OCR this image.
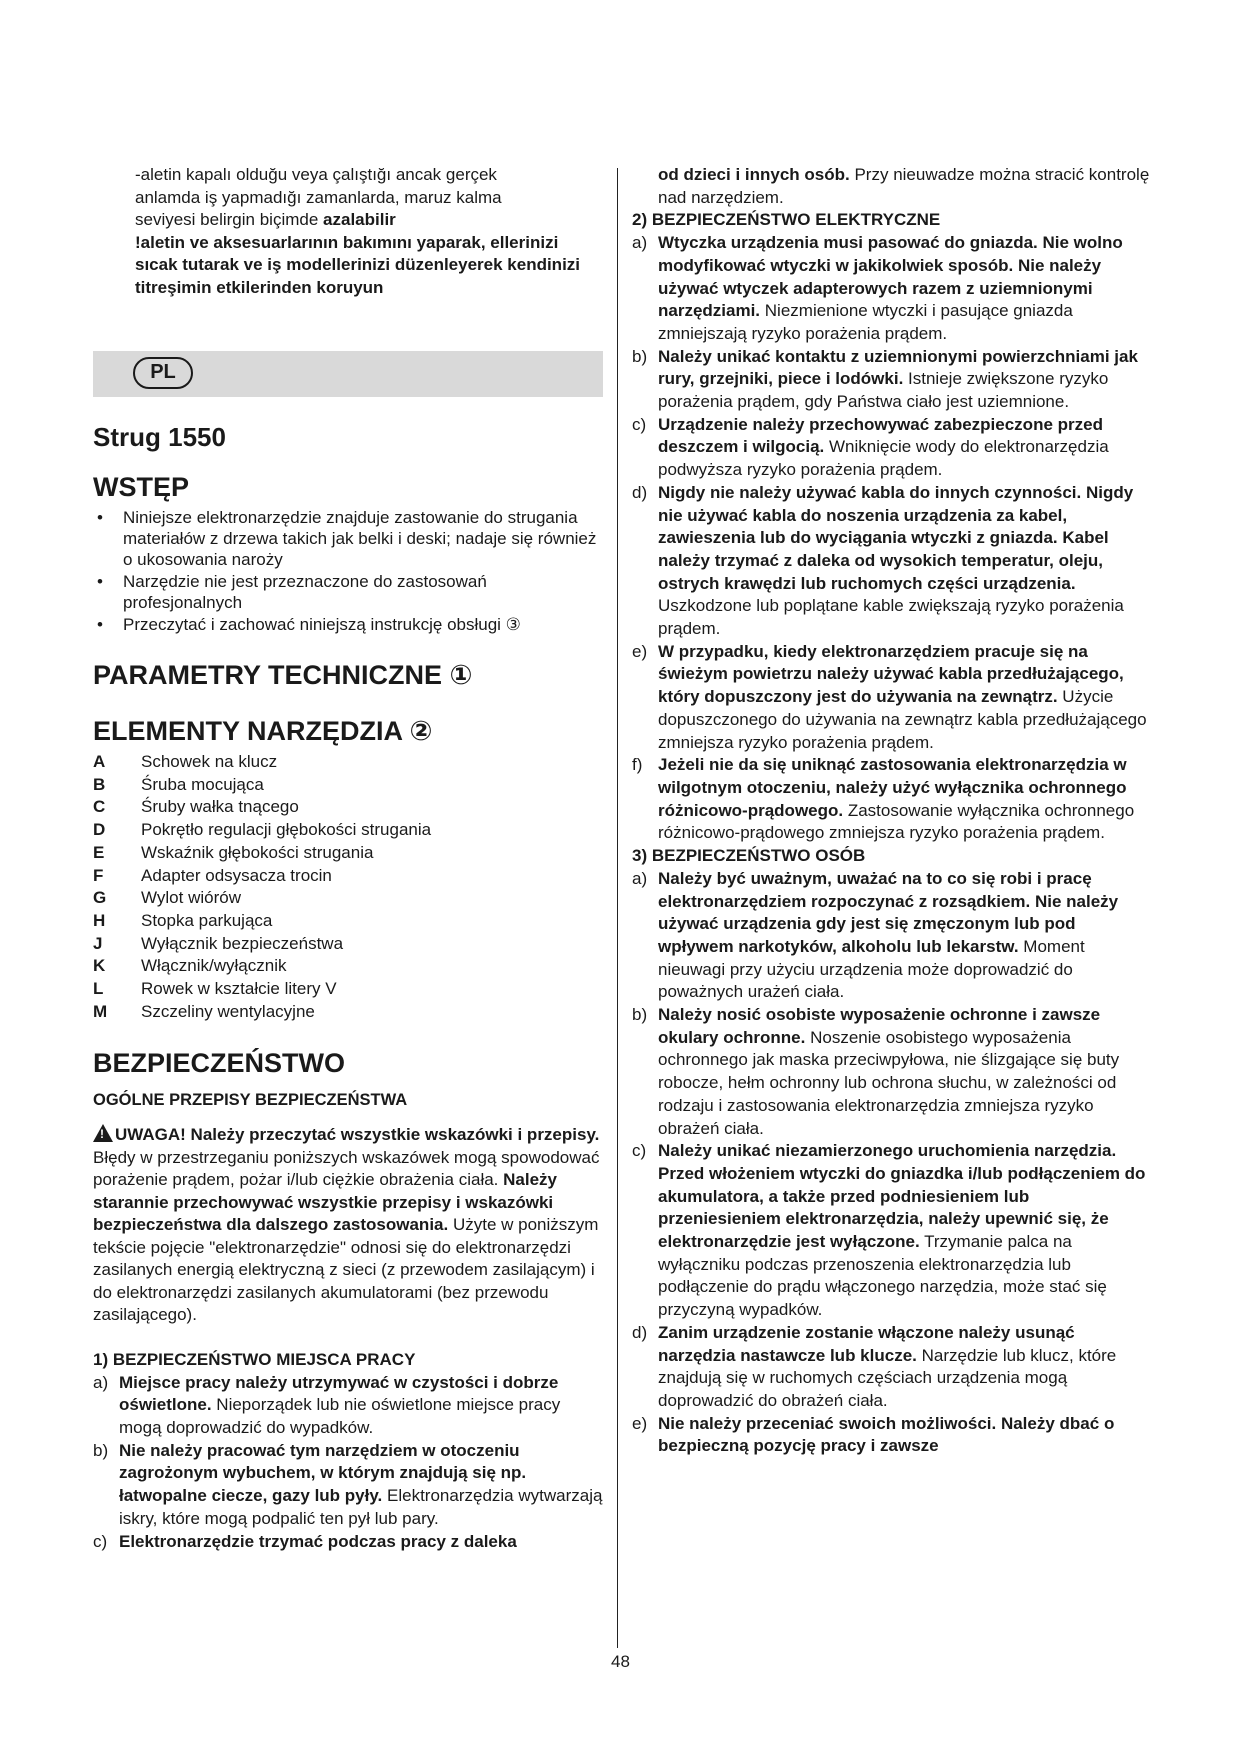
-aletin kapalı olduğu veya çalıştığı ancak gerçek

anlamda iş yapmadığı zamanlarda, maruz kalma

seviyesi belirgin biçimde azalabilir

!aletin ve aksesuarlarının bakımını yaparak, ellerinizi sıcak tutarak ve iş modellerinizi düzenleyerek kendinizi titreşimin etkilerinden koruyun

PL
Strug 1550
WSTĘP
• Niniejsze elektronarzędzie znajduje zastowanie do strugania materiałów z drzewa takich jak belki i deski; nadaje się również o ukosowania naroży
• Narzędzie nie jest przeznaczone do zastosowań profesjonalnych
• Przeczytać i zachować niniejszą instrukcję obsługi ③
PARAMETRY TECHNICZNE ①
ELEMENTY NARZĘDZIA ②
A	Schowek na klucz
B	Śruba mocująca
C	Śruby wałka tnącego
D	Pokrętło regulacji głębokości strugania
E	Wskaźnik głębokości strugania
F	Adapter odsysacza trocin
G	Wylot wiórów
H	Stopka parkująca
J	Wyłącznik bezpieczeństwa
K	Włącznik/wyłącznik
L	Rowek w kształcie litery V
M	Szczeliny wentylacyjne
BEZPIECZEŃSTWO
OGÓLNE PRZEPISY BEZPIECZEŃSTWA

!UWAGA! Należy przeczytać wszystkie wskazówki i przepisy. Błędy w przestrzeganiu poniższych wskazówek mogą spowodować porażenie prądem, pożar i/lub ciężkie obrażenia ciała. Należy starannie przechowywać wszystkie przepisy i wskazówki bezpieczeństwa dla dalszego zastosowania. Użyte w poniższym tekście pojęcie "elektronarzędzie" odnosi się do elektronarzędzi zasilanych energią elektryczną z sieci (z przewodem zasilającym) i do elektronarzędzi zasilanych akumulatorami (bez przewodu zasilającego).

1) BEZPIECZEŃSTWO MIEJSCA PRACY

a) Miejsce pracy należy utrzymywać w czystości i dobrze oświetlone. Nieporządek lub nie oświetlone miejsce pracy mogą doprowadzić do wypadków.

b) Nie należy pracować tym narzędziem w otoczeniu zagrożonym wybuchem, w którym znajdują się np. łatwopalne ciecze, gazy lub pyły. Elektronarzędzia wytwarzają iskry, które mogą podpalić ten pył lub pary.

c) Elektronarzędzie trzymać podczas pracy z daleka

od dzieci i innych osób. Przy nieuwadze można stracić kontrolę nad narzędziem.

2) BEZPIECZEŃSTWO ELEKTRYCZNE

a) Wtyczka urządzenia musi pasować do gniazda. Nie wolno modyfikować wtyczki w jakikolwiek sposób. Nie należy używać wtyczek adapterowych razem z uziemnionymi narzędziami. Niezmienione wtyczki i pasujące gniazda zmniejszają ryzyko porażenia prądem.

b) Należy unikać kontaktu z uziemnionymi powierzchniami jak rury, grzejniki, piece i lodówki. Istnieje zwiększone ryzyko porażenia prądem, gdy Państwa ciało jest uziemnione.

c) Urządzenie należy przechowywać zabezpieczone przed deszczem i wilgocią. Wniknięcie wody do elektronarzędzia podwyższa ryzyko porażenia prądem.

d) Nigdy nie należy używać kabla do innych czynności. Nigdy nie używać kabla do noszenia urządzenia za kabel, zawieszenia lub do wyciągania wtyczki z gniazda. Kabel należy trzymać z daleka od wysokich temperatur, oleju, ostrych krawędzi lub ruchomych części urządzenia. Uszkodzone lub poplątane kable zwiększają ryzyko porażenia prądem.

e) W przypadku, kiedy elektronarzędziem pracuje się na świeżym powietrzu należy używać kabla przedłużającego, który dopuszczony jest do używania na zewnątrz. Użycie dopuszczonego do używania na zewnątrz kabla przedłużającego zmniejsza ryzyko porażenia prądem.

f) Jeżeli nie da się uniknąć zastosowania elektronarzędzia w wilgotnym otoczeniu, należy użyć wyłącznika ochronnego różnicowo-prądowego. Zastosowanie wyłącznika ochronnego różnicowo-prądowego zmniejsza ryzyko porażenia prądem.

3) BEZPIECZEŃSTWO OSÓB

a) Należy być uważnym, uważać na to co się robi i pracę elektronarzędziem rozpoczynać z rozsądkiem. Nie należy używać urządzenia gdy jest się zmęczonym lub pod wpływem narkotyków, alkoholu lub lekarstw. Moment nieuwagi przy użyciu urządzenia może doprowadzić do poważnych urażeń ciała.

b) Należy nosić osobiste wyposażenie ochronne i zawsze okulary ochronne. Noszenie osobistego wyposażenia ochronnego jak maska przeciwpyłowa, nie ślizgające się buty robocze, hełm ochronny lub ochrona słuchu, w zależności od rodzaju i zastosowania elektronarzędzia zmniejsza ryzyko obrażeń ciała.

c) Należy unikać niezamierzonego uruchomienia narzędzia. Przed włożeniem wtyczki do gniazdka i/lub podłączeniem do akumulatora, a także przed podniesieniem lub przeniesieniem elektronarzędzia, należy upewnić się, że elektronarzędzie jest wyłączone. Trzymanie palca na wyłączniku podczas przenoszenia elektronarzędzia lub podłączenie do prądu włączonego narzędzia, może stać się przyczyną wypadków.

d) Zanim urządzenie zostanie włączone należy usunąć narzędzia nastawcze lub klucze. Narzędzie lub klucz, które znajdują się w ruchomych częściach urządzenia mogą doprowadzić do obrażeń ciała.

e) Nie należy przeceniać swoich możliwości. Należy dbać o bezpieczną pozycję pracy i zawsze

48
